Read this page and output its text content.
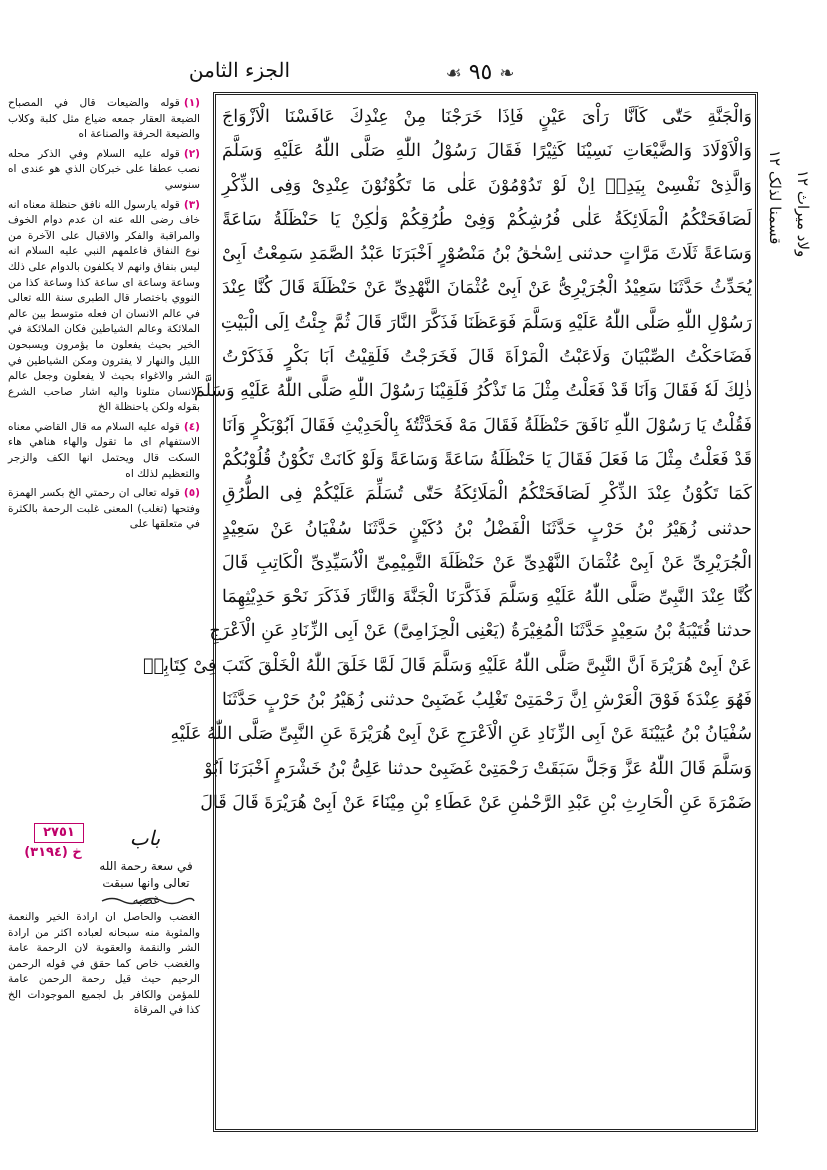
❧ ٩٥ ☙
الجزء الثامن
وَالْجَنَّةِ حَتّٰى كَاَنَّا رَاْىَ عَيْنٍ فَاِذَا خَرَجْنَا مِنْ عِنْدِكَ عَافَسْنَا الْاَزْوَاجَ
وَالْاَوْلَادَ وَالضَّيْعَاتِ نَسِيْنَا كَثِيْرًا فَقَالَ رَسُوْلُ اللّٰهِ صَلَّى اللّٰهُ عَلَيْهِ وَسَلَّمَ
وَالَّذِىْ نَفْسِىْ بِيَدِهٖ اِنْ لَوْ تَدُوْمُوْنَ عَلٰى مَا تَكُوْنُوْنَ عِنْدِىْ وَفِى الذِّكْرِ
لَصَافَحَتْكُمُ الْمَلَائِكَةُ عَلٰى فُرُشِكُمْ وَفِىْ طُرُقِكُمْ وَلٰكِنْ يَا حَنْظَلَةُ سَاعَةً
وَسَاعَةً ثَلَاثَ مَرَّاتٍ حدثنى اِسْحٰقُ بْنُ مَنْصُوْرٍ اَخْبَرَنَا عَبْدُ الصَّمَدِ سَمِعْتُ اَبِىْ
يُحَدِّثُ حَدَّثَنَا سَعِيْدُ الْجُرَيْرِىُّ عَنْ اَبِىْ عُثْمَانَ النَّهْدِىِّ عَنْ حَنْظَلَةَ قَالَ كُنَّا عِنْدَ
رَسُوْلِ اللّٰهِ صَلَّى اللّٰهُ عَلَيْهِ وَسَلَّمَ فَوَعَظَنَا فَذَكَّرَ النَّارَ قَالَ ثُمَّ جِئْتُ اِلَى الْبَيْتِ
فَضَاحَكْتُ الصِّبْيَانَ وَلَاعَبْتُ الْمَرْاَةَ قَالَ فَخَرَجْتُ فَلَقِيْتُ اَبَا بَكْرٍ فَذَكَرْتُ
ذٰلِكَ لَهٗ فَقَالَ وَاَنَا قَدْ فَعَلْتُ مِثْلَ مَا تَذْكُرُ فَلَقِيْنَا رَسُوْلَ اللّٰهِ صَلَّى اللّٰهُ عَلَيْهِ وَسَلَّمَ
فَقُلْتُ يَا رَسُوْلَ اللّٰهِ نَافَقَ حَنْظَلَةُ فَقَالَ مَهْ فَحَدَّثْتُهٗ بِالْحَدِيْثِ فَقَالَ اَبُوْبَكْرٍ وَاَنَا
قَدْ فَعَلْتُ مِثْلَ مَا فَعَلَ فَقَالَ يَا حَنْظَلَةُ سَاعَةً وَسَاعَةً وَلَوْ كَانَتْ تَكُوْنُ قُلُوْبُكُمْ
كَمَا تَكُوْنُ عِنْدَ الذِّكْرِ لَصَافَحَتْكُمُ الْمَلَائِكَةُ حَتّٰى تُسَلِّمَ عَلَيْكُمْ فِى الطُّرُقِ
حدثنى زُهَيْرُ بْنُ حَرْبٍ حَدَّثَنَا الْفَضْلُ بْنُ دُكَيْنٍ حَدَّثَنَا سُفْيَانُ عَنْ سَعِيْدٍ
الْجُرَيْرِىِّ عَنْ اَبِىْ عُثْمَانَ النَّهْدِىِّ عَنْ حَنْظَلَةَ التَّمِيْمِىِّ الْاُسَيِّدِىِّ الْكَاتِبِ قَالَ
كُنَّا عِنْدَ النَّبِىِّ صَلَّى اللّٰهُ عَلَيْهِ وَسَلَّمَ فَذَكَّرَنَا الْجَنَّةَ وَالنَّارَ فَذَكَرَ نَحْوَ حَدِيْثِهِمَا
حدثنا قُتَيْبَةُ بْنُ سَعِيْدٍ حَدَّثَنَا الْمُغِيْرَةُ (يَعْنِى الْحِزَامِىَّ) عَنْ اَبِى الزِّنَادِ عَنِ الْاَعْرَجِ
عَنْ اَبِىْ هُرَيْرَةَ اَنَّ النَّبِىَّ صَلَّى اللّٰهُ عَلَيْهِ وَسَلَّمَ قَالَ لَمَّا خَلَقَ اللّٰهُ الْخَلْقَ كَتَبَ فِىْ كِتَابِهٖ
فَهُوَ عِنْدَهٗ فَوْقَ الْعَرْشِ اِنَّ رَحْمَتِىْ تَغْلِبُ غَضَبِىْ حدثنى زُهَيْرُ بْنُ حَرْبٍ حَدَّثَنَا
سُفْيَانُ بْنُ عُيَيْنَةَ عَنْ اَبِى الزِّنَادِ عَنِ الْاَعْرَجِ عَنْ اَبِىْ هُرَيْرَةَ عَنِ النَّبِىِّ صَلَّى اللّٰهُ عَلَيْهِ
وَسَلَّمَ قَالَ اللّٰهُ عَزَّ وَجَلَّ سَبَقَتْ رَحْمَتِىْ غَضَبِىْ حدثنا عَلِىُّ بْنُ خَشْرَمٍ اَخْبَرَنَا اَبُوْ
ضَمْرَةَ عَنِ الْحَارِثِ بْنِ عَبْدِ الرَّحْمٰنِ عَنْ عَطَاءِ بْنِ مِيْنَاءَ عَنْ اَبِىْ هُرَيْرَةَ قَالَ قَالَ
قسمنا لذلک ۱۲ ولاد میراث ۱۲
(١)
قوله والضيعات قال في المصباح الضيعة العقار جمعه ضياع مثل كلبة وكلاب والضيعة الحرفة والصناعة اه
(٢)
قوله عليه السلام وفي الذكر محله نصب عطفا على خبركان الذي هو عندى اه سنوسي
(٣)
قوله يارسول الله نافق حنظلة معناه انه خاف رضى الله عنه ان عدم دوام الخوف والمراقبة والفكر والاقبال على الآخرة من نوع النفاق فاعلمهم النبي عليه السلام انه ليس بنفاق وانهم لا يكلفون بالدوام على ذلك وساعة وساعة اى ساعة كذا وساعة كذا من النووي باختصار قال الطبرى سنة الله تعالى في عالم الانسان ان فعله متوسط بين عالم الملائكة وعالم الشياطين فكان الملائكة في الخير بحيث يفعلون ما يؤمرون ويسبحون الليل والنهار لا يفترون ومكن الشياطين في الشر والاغواء بحيث لا يفعلون وجعل عالم الانسان متلونا واليه اشار صاحب الشرع بقوله ولكن ياحنظلة الخ
(٤)
قوله عليه السلام مه قال القاضي معناه الاستفهام اى ما تقول والهاء هناهي هاء السكت قال ويحتمل انها الكف والزجر والتعظيم لذلك اه
(٥)
قوله تعالى ان رحمتي الخ بكسر الهمزة وفتحها (تغلب) المعنى غلبت الرحمة بالكثرة في متعلقها على
٢٧٥١
خ (٣١٩٤)
باب
في سعة رحمة الله تعالى وانها سبقت غضبه
الغضب والحاصل ان ارادة الخير والنعمة والمثوبة منه سبحانه لعباده اكثر من ارادة الشر والنقمة والعقوبة لان الرحمة عامة والغضب خاص كما حقق في قوله الرحمن الرحيم حيث قيل رحمة الرحمن عامة للمؤمن والكافر بل لجميع الموجودات الخ كذا في المرقاة
